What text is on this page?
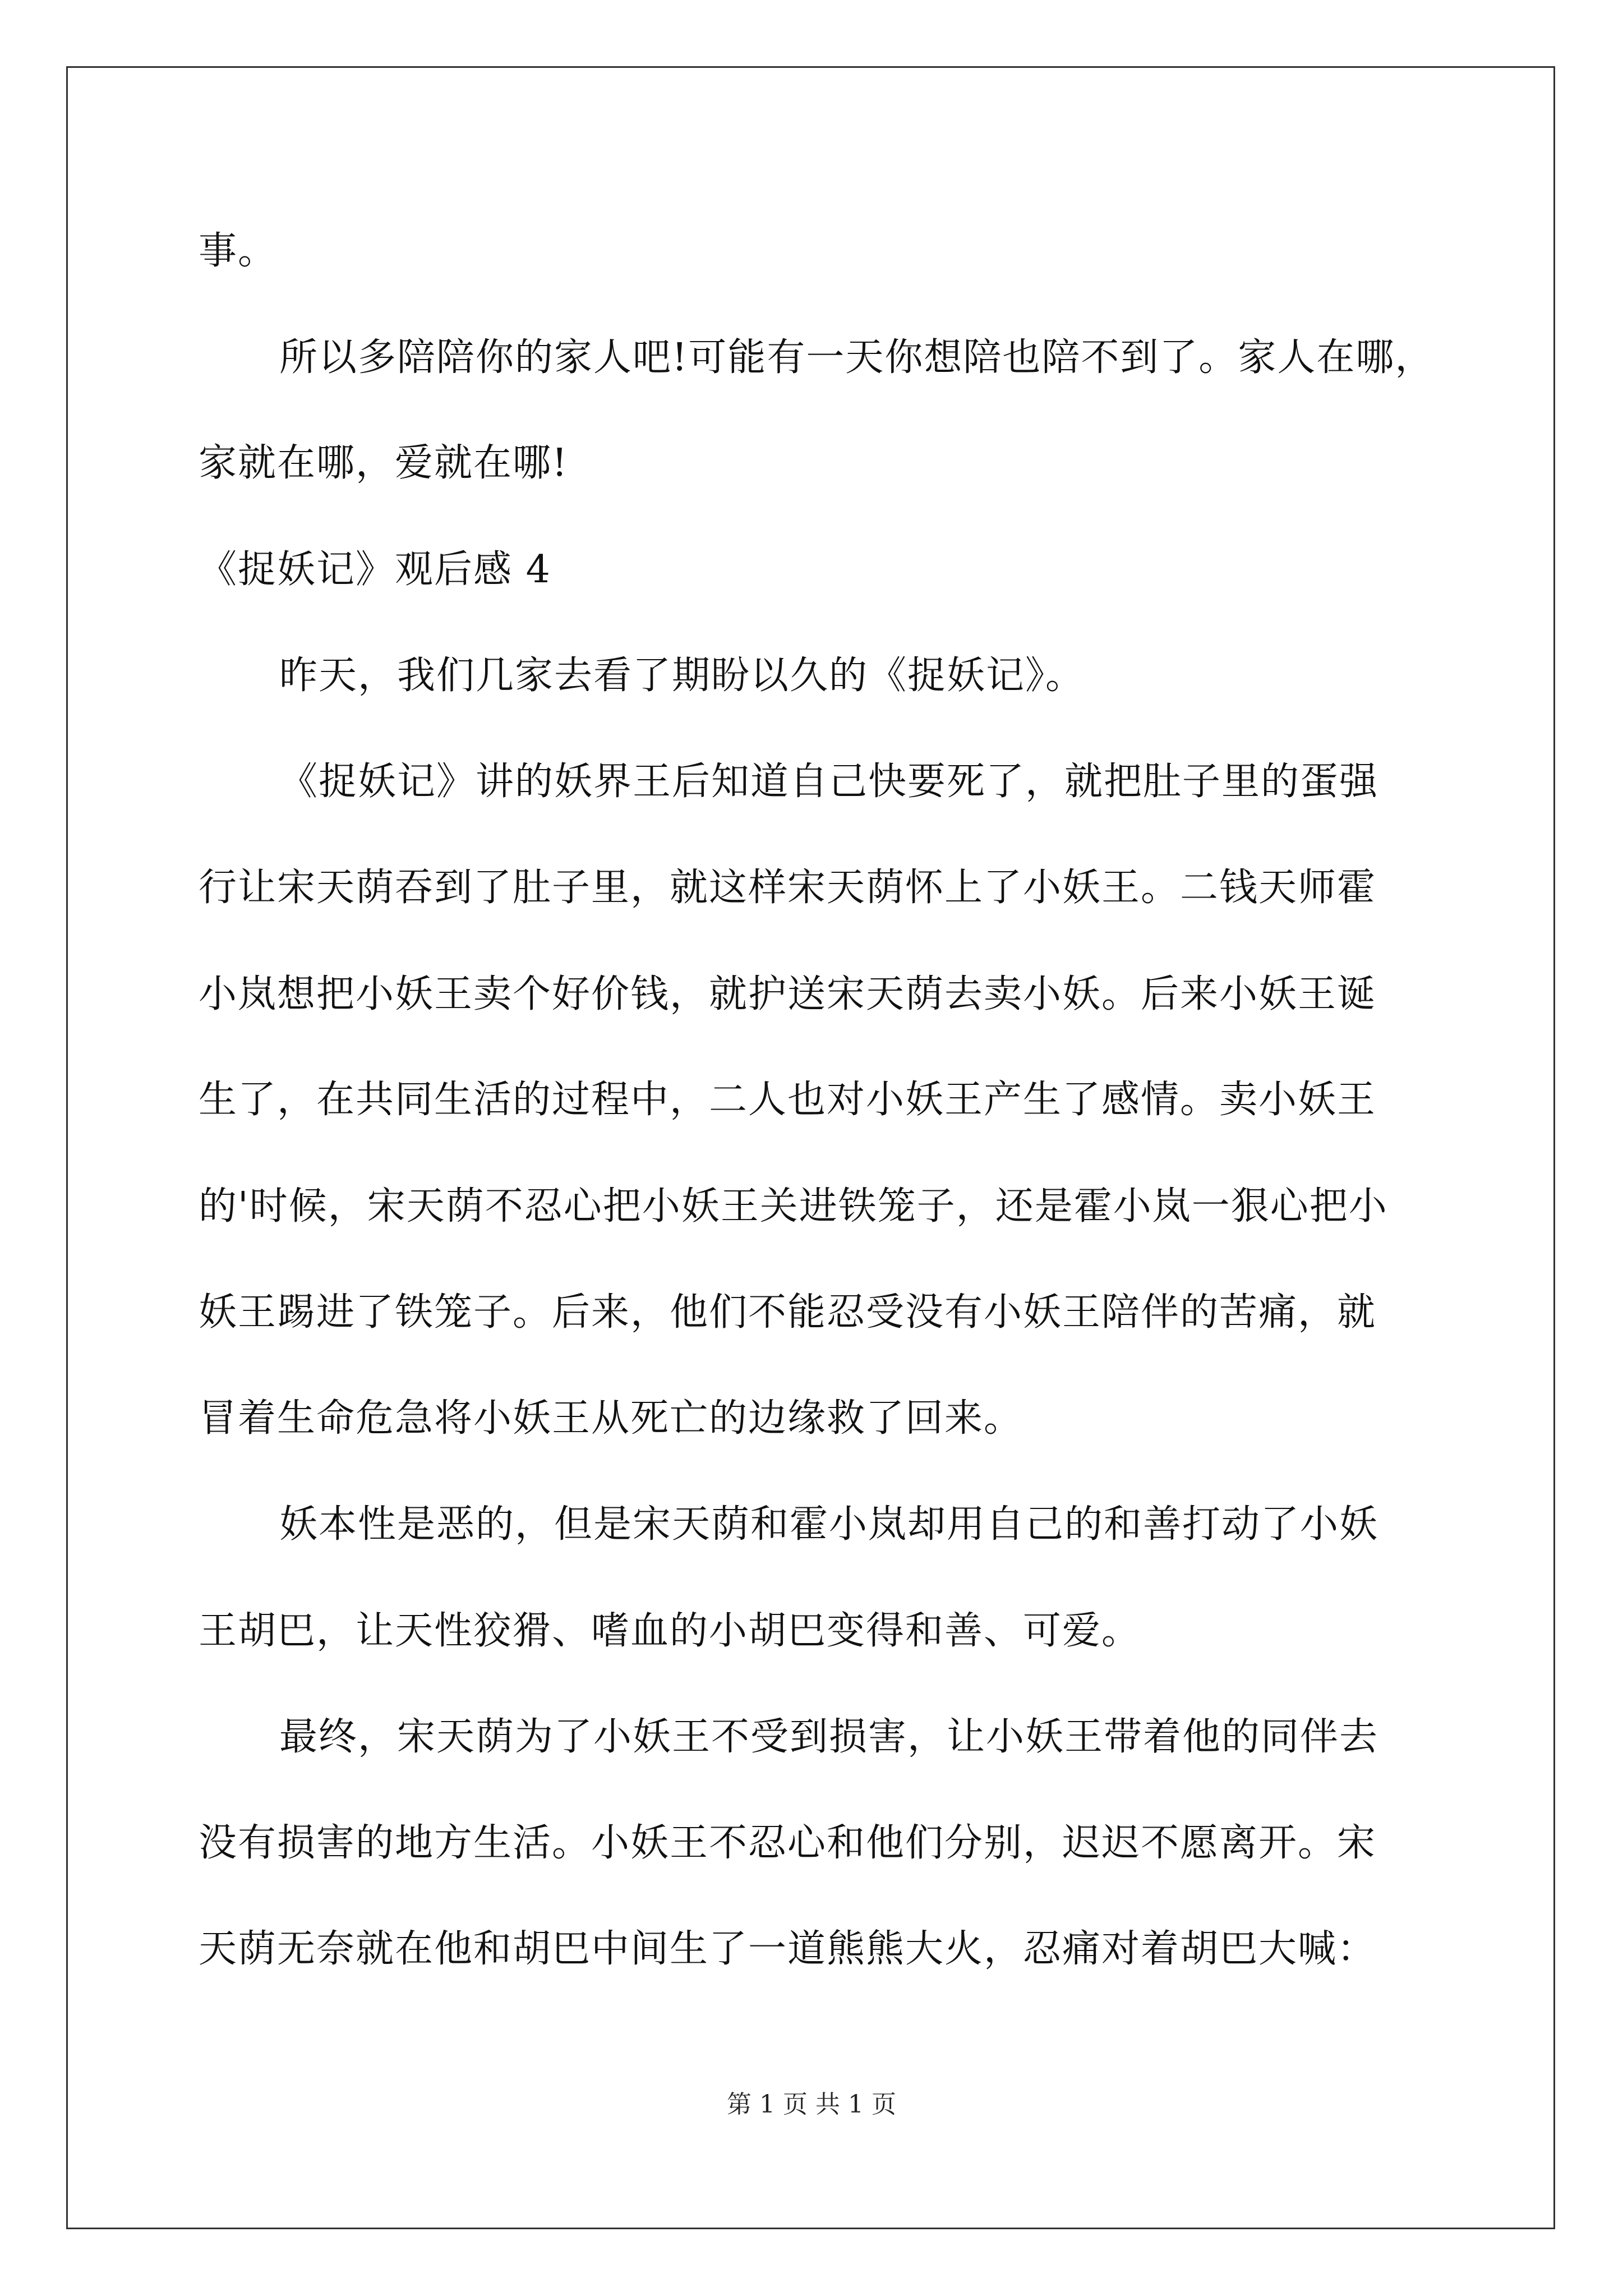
事。
所以多陪陪你的家人吧!可能有一天你想陪也陪不到了。家人在哪，
家就在哪，爱就在哪!
《捉妖记》观后感 4
昨天，我们几家去看了期盼以久的《捉妖记》。
《捉妖记》讲的妖界王后知道自己快要死了，就把肚子里的蛋强
行让宋天荫吞到了肚子里，就这样宋天荫怀上了小妖王。二钱天师霍
小岚想把小妖王卖个好价钱，就护送宋天荫去卖小妖。后来小妖王诞
生了，在共同生活的过程中，二人也对小妖王产生了感情。卖小妖王
的'时候，宋天荫不忍心把小妖王关进铁笼子，还是霍小岚一狠心把小
妖王踢进了铁笼子。后来，他们不能忍受没有小妖王陪伴的苦痛，就
冒着生命危急将小妖王从死亡的边缘救了回来。
妖本性是恶的，但是宋天荫和霍小岚却用自己的和善打动了小妖
王胡巴，让天性狡猾、嗜血的小胡巴变得和善、可爱。
最终，宋天荫为了小妖王不受到损害，让小妖王带着他的同伴去
没有损害的地方生活。小妖王不忍心和他们分别，迟迟不愿离开。宋
天荫无奈就在他和胡巴中间生了一道熊熊大火，忍痛对着胡巴大喊：
第 1 页 共 1 页
